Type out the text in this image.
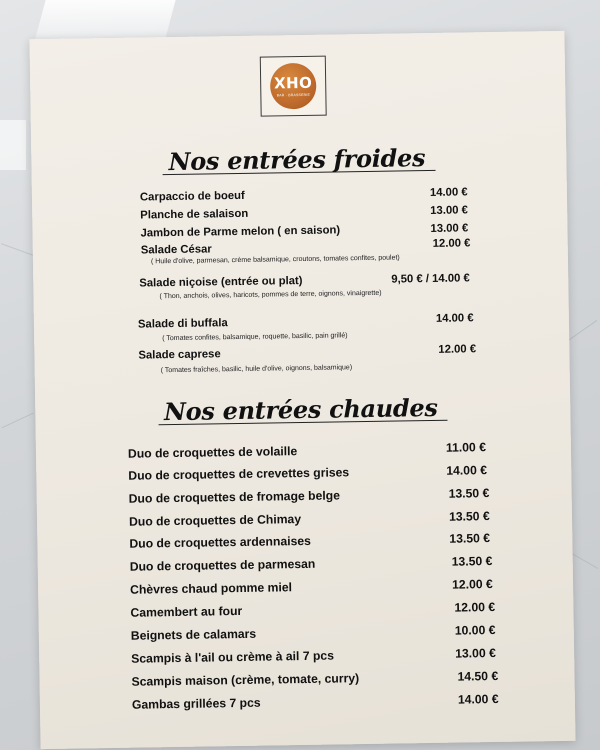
XHO
BAR · BRASSERIE
Nos entrées froides
Carpaccio de boeuf	14.00 €
Planche de salaison	13.00 €
Jambon de Parme melon ( en saison)	13.00 €
Salade César	12.00 €
( Huile d'olive, parmesan, crème balsamique, croutons, tomates confites, poulet)
Salade niçoise (entrée ou plat)	9,50 € / 14.00 €
( Thon, anchois, olives, haricots, pommes de terre, oignons, vinaigrette)
Salade di buffala	14.00 €
( Tomates confites, balsamique, roquette, basilic, pain grillé)
Salade caprese	12.00 €
( Tomates fraîches, basilic, huile d'olive, oignons, balsamique)
Nos entrées chaudes
Duo de croquettes de volaille	11.00 €
Duo de croquettes de crevettes grises	14.00 €
Duo de croquettes de fromage belge	13.50 €
Duo de croquettes de Chimay	13.50 €
Duo de croquettes ardennaises	13.50 €
Duo de croquettes de parmesan	13.50 €
Chèvres chaud pomme miel	12.00 €
Camembert au four	12.00 €
Beignets de calamars	10.00 €
Scampis à l'ail ou crème à ail 7 pcs	13.00 €
Scampis maison (crème, tomate, curry)	14.50 €
Gambas grillées 7 pcs	14.00 €
